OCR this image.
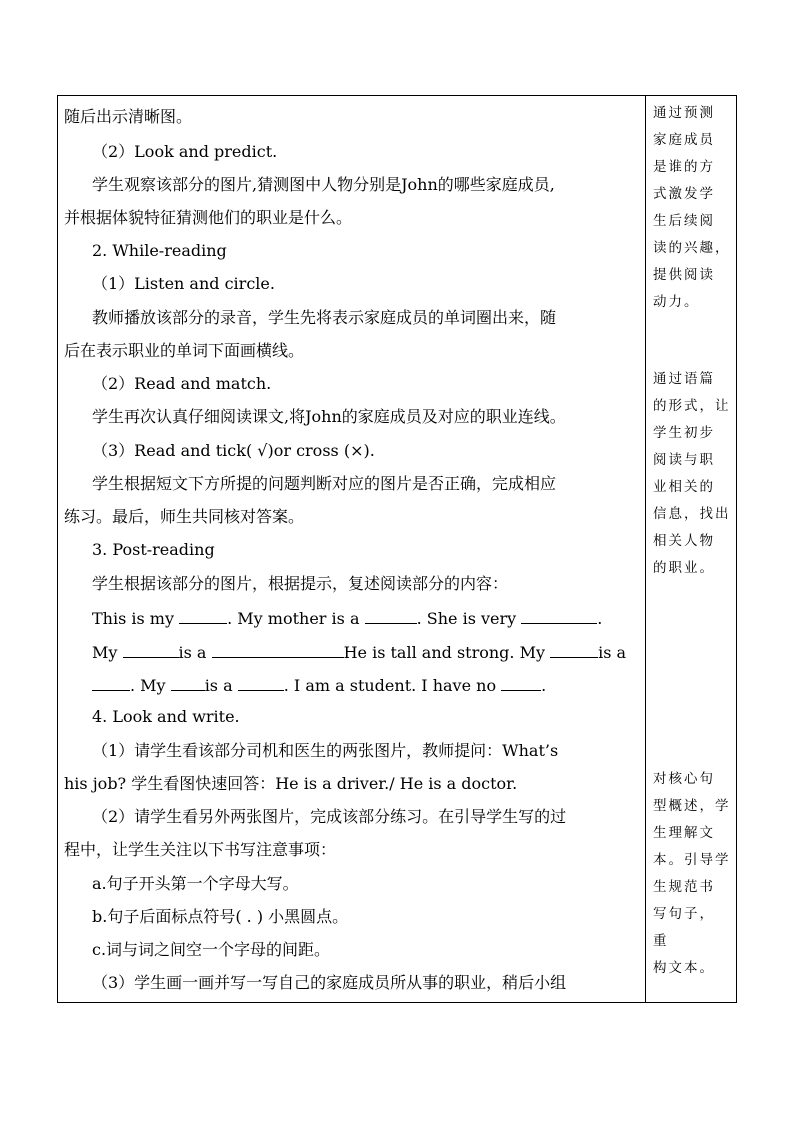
随后出示清晰图。
（2）Look and predict.
学生观察该部分的图片,猜测图中人物分别是John的哪些家庭成员,
并根据体貌特征猜测他们的职业是什么。
2. While-reading
（1）Listen and circle.
教师播放该部分的录音，学生先将表示家庭成员的单词圈出来，随
后在表示职业的单词下面画横线。
（2）Read and match.
学生再次认真仔细阅读课文,将John的家庭成员及对应的职业连线。
（3）Read and tick( √)or cross (×).
学生根据短文下方所提的问题判断对应的图片是否正确，完成相应
练习。最后，师生共同核对答案。
3. Post-reading
学生根据该部分的图片，根据提示，复述阅读部分的内容：
This is my	. My mother is a	. She is very	.
My	is a	He is tall and strong. My	is a
. My is a	. I am a student. I have no	.
4. Look and write.
（1）请学生看该部分司机和医生的两张图片，教师提问：What’s
his job? 学生看图快速回答：He is a driver./ He is a doctor.
（2）请学生看另外两张图片，完成该部分练习。在引导学生写的过
程中，让学生关注以下书写注意事项：
a.句子开头第一个字母大写。
b.句子后面标点符号( . ) 小黑圆点。
c.词与词之间空一个字母的间距。
（3）学生画一画并写一写自己的家庭成员所从事的职业，稍后小组
通过预测
家庭成员
是谁的方
式激发学
生后续阅
读的兴趣，
提供阅读
动力。
通过语篇
的形式，让
学生初步
阅读与职
业相关的
信息，找出
相关人物
的职业。
对核心句
型概述，学
生理解文
本。引导学
生规范书
写句子，
重
构文本。
